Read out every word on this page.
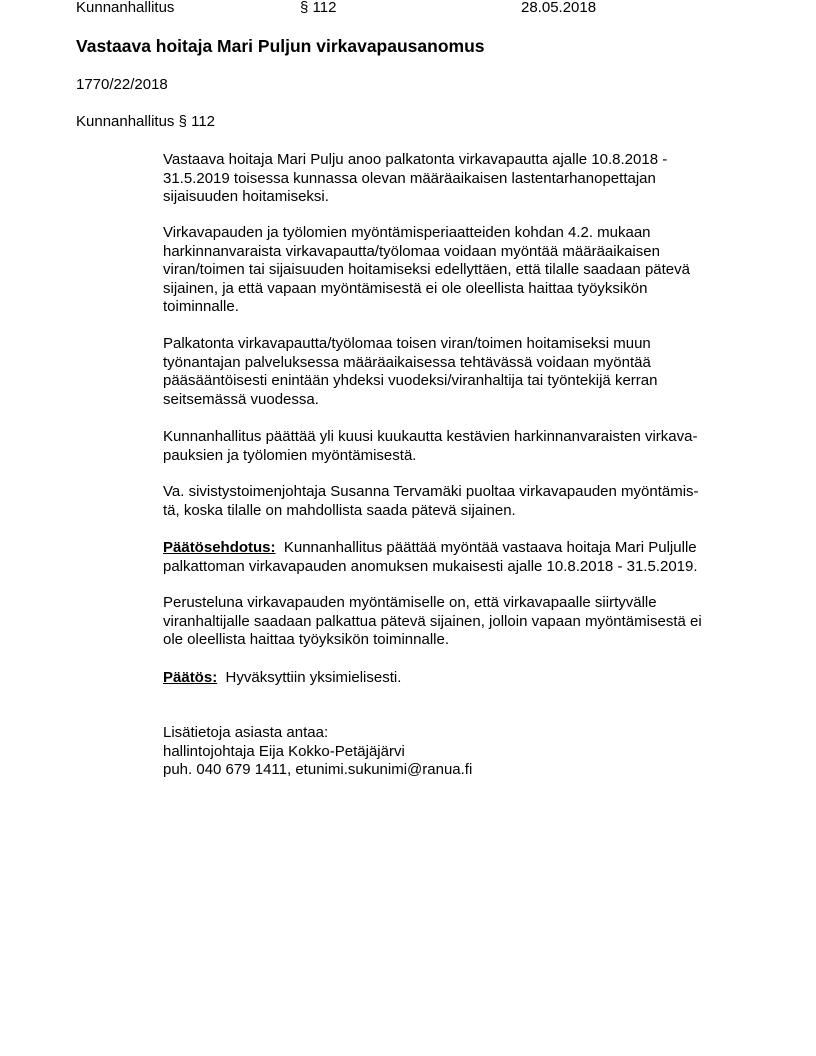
Kunnanhallitus	§ 112	28.05.2018
Vastaava hoitaja Mari Puljun virkavapausanomus
1770/22/2018
Kunnanhallitus § 112
Vastaava hoitaja Mari Pulju anoo palkatonta virkavapautta ajalle 10.8.2018 -
31.5.2019 toisessa kunnassa olevan määräaikaisen lastentarhanopettajan
sijaisuuden hoitamiseksi.
Virkavapauden ja työlomien myöntämisperiaatteiden kohdan 4.2. mukaan
harkinnanvaraista virkavapautta/työlomaa voidaan myöntää määräaikaisen
viran/toimen tai sijaisuuden hoitamiseksi edellyttäen, että tilalle saadaan pätevä
sijainen, ja että vapaan myöntämisestä ei ole oleellista haittaa työyksikön
toiminnalle.
Palkatonta virkavapautta/työlomaa toisen viran/toimen hoitamiseksi muun
työnantajan palveluksessa määräaikaisessa tehtävässä voidaan myöntää
pääsääntöisesti enintään yhdeksi vuodeksi/viranhaltija tai työntekijä kerran
seitsemässä vuodessa.
Kunnanhallitus päättää yli kuusi kuukautta kestävien harkinnanvaraisten virkava-
pauksien ja työlomien myöntämisestä.
Va. sivistystoimenjohtaja Susanna Tervamäki puoltaa virkavapauden myöntämis-
tä, koska tilalle on mahdollista saada pätevä sijainen.
Päätösehdotus: Kunnanhallitus päättää myöntää vastaava hoitaja Mari Puljulle
palkattoman virkavapauden anomuksen mukaisesti ajalle 10.8.2018 - 31.5.2019.
Perusteluna virkavapauden myöntämiselle on, että virkavapaalle siirtyvälle
viranhaltijalle saadaan palkattua pätevä sijainen, jolloin vapaan myöntämisestä ei
ole oleellista haittaa työyksikön toiminnalle.
Päätös: Hyväksyttiin yksimielisesti.
Lisätietoja asiasta antaa:
hallintojohtaja Eija Kokko-Petäjäjärvi
puh. 040 679 1411, etunimi.sukunimi@ranua.fi
